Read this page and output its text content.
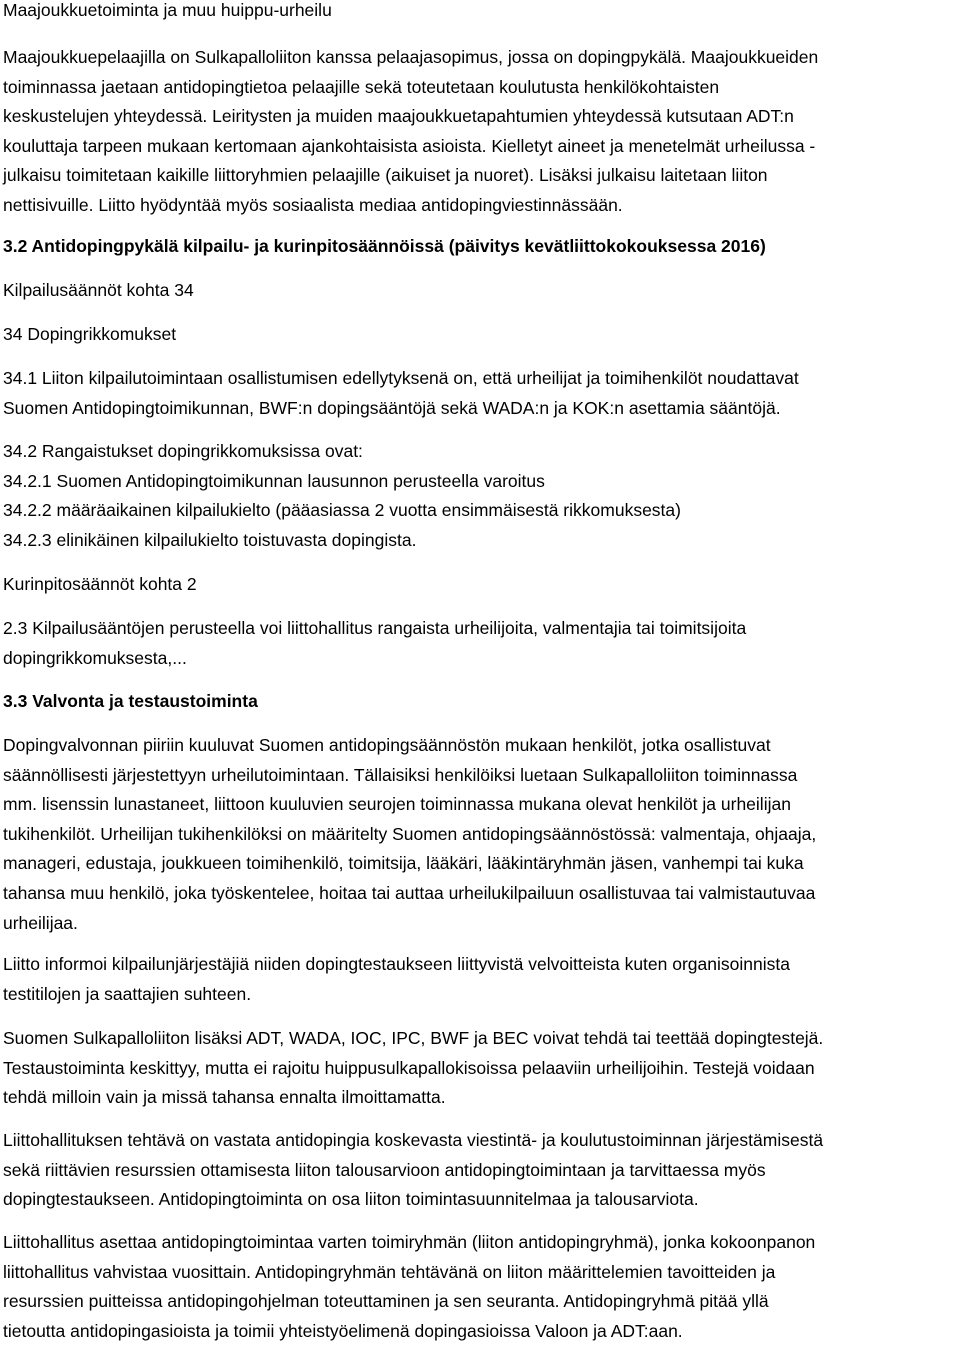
Maajoukkuetoiminta ja muu huippu-urheilu
Maajoukkuepelaajilla on Sulkapalloliiton kanssa pelaajasopimus, jossa on dopingpykälä. Maajoukkueiden
toiminnassa jaetaan antidopingtietoa pelaajille sekä toteutetaan koulutusta henkilökohtaisten
keskustelujen yhteydessä. Leiritysten ja muiden maajoukkuetapahtumien yhteydessä kutsutaan ADT:n
kouluttaja tarpeen mukaan kertomaan ajankohtaisista asioista. Kielletyt aineet ja menetelmät urheilussa -
julkaisu toimitetaan kaikille liittoryhmien pelaajille (aikuiset ja nuoret). Lisäksi julkaisu laitetaan liiton
nettisivuille. Liitto hyödyntää myös sosiaalista mediaa antidopingviestinnässään.
3.2 Antidopingpykälä kilpailu- ja kurinpitosäännöissä (päivitys kevätliittokokouksessa 2016)
Kilpailusäännöt kohta 34
34 Dopingrikkomukset
34.1 Liiton kilpailutoimintaan osallistumisen edellytyksenä on, että urheilijat ja toimihenkilöt noudattavat
Suomen Antidopingtoimikunnan, BWF:n dopingsääntöjä sekä WADA:n ja KOK:n asettamia sääntöjä.
34.2 Rangaistukset dopingrikkomuksissa ovat:
34.2.1 Suomen Antidopingtoimikunnan lausunnon perusteella varoitus
34.2.2 määräaikainen kilpailukielto (pääasiassa 2 vuotta ensimmäisestä rikkomuksesta)
34.2.3 elinikäinen kilpailukielto toistuvasta dopingista.
Kurinpitosäännöt kohta 2
2.3 Kilpailusääntöjen perusteella voi liittohallitus rangaista urheilijoita, valmentajia tai toimitsijoita
dopingrikkomuksesta,...
3.3 Valvonta ja testaustoiminta
Dopingvalvonnan piiriin kuuluvat Suomen antidopingsäännöstön mukaan henkilöt, jotka osallistuvat
säännöllisesti järjestettyyn urheilutoimintaan. Tällaisiksi henkilöiksi luetaan Sulkapalloliiton toiminnassa
mm. lisenssin lunastaneet, liittoon kuuluvien seurojen toiminnassa mukana olevat henkilöt ja urheilijan
tukihenkilöt. Urheilijan tukihenkilöksi on määritelty Suomen antidopingsäännöstössä: valmentaja, ohjaaja,
manageri, edustaja, joukkueen toimihenkilö, toimitsija, lääkäri, lääkintäryhmän jäsen, vanhempi tai kuka
tahansa muu henkilö, joka työskentelee, hoitaa tai auttaa urheilukilpailuun osallistuvaa tai valmistautuvaa
urheilijaa.
Liitto informoi kilpailunjärjestäjiä niiden dopingtestaukseen liittyvistä velvoitteista kuten organisoinnista
testitilojen ja saattajien suhteen.
Suomen Sulkapalloliiton lisäksi ADT, WADA, IOC, IPC, BWF ja BEC voivat tehdä tai teettää dopingtestejä.
Testaustoiminta keskittyy, mutta ei rajoitu huippusulkapallokisoissa pelaaviin urheilijoihin. Testejä voidaan
tehdä milloin vain ja missä tahansa ennalta ilmoittamatta.
Liittohallituksen tehtävä on vastata antidopingia koskevasta viestintä- ja koulutustoiminnan järjestämisestä
sekä riittävien resurssien ottamisesta liiton talousarvioon antidopingtoimintaan ja tarvittaessa myös
dopingtestaukseen. Antidopingtoiminta on osa liiton toimintasuunnitelmaa ja talousarviota.
Liittohallitus asettaa antidopingtoimintaa varten toimiryhmän (liiton antidopingryhmä), jonka kokoonpanon
liittohallitus vahvistaa vuosittain. Antidopingryhmän tehtävänä on liiton määrittelemien tavoitteiden ja
resurssien puitteissa antidopingohjelman toteuttaminen ja sen seuranta. Antidopingryhmä pitää yllä
tietoutta antidopingasioista ja toimii yhteistyöelimenä dopingasioissa Valoon ja ADT:aan.
